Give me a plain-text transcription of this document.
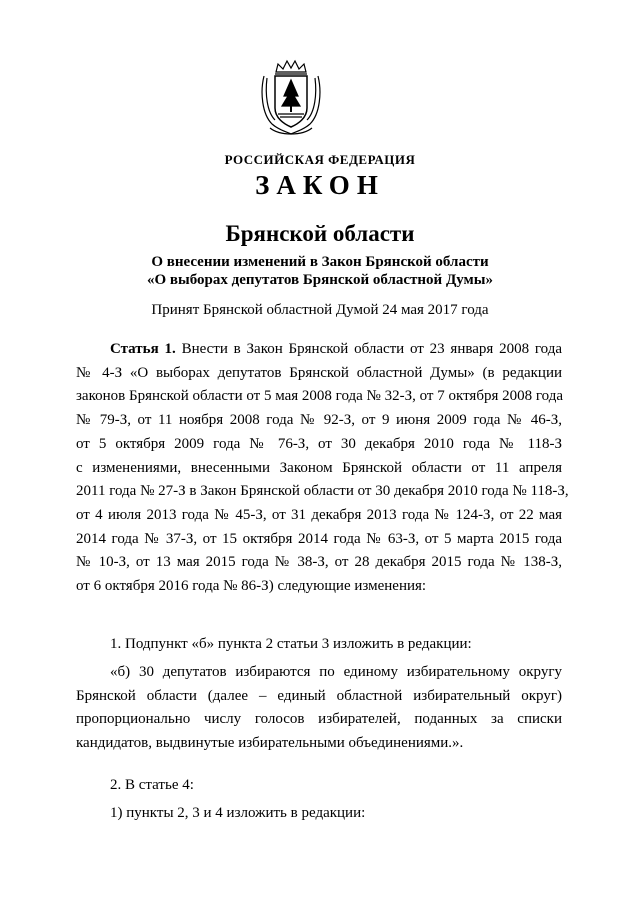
РОССИЙСКАЯ ФЕДЕРАЦИЯ
ЗАКОН
Брянской области
О внесении изменений в Закон Брянской области
«О выборах депутатов Брянской областной Думы»
Принят Брянской областной Думой 24 мая 2017 года
Статья 1. Внести в Закон Брянской области от 23 января 2008 года
№ 4-З «О выборах депутатов Брянской областной Думы» (в редакции
законов Брянской области от 5 мая 2008 года № 32-З, от 7 октября 2008 года
№ 79-З, от 11 ноября 2008 года № 92-З, от 9 июня 2009 года № 46-З,
от 5 октября 2009 года № 76-З, от 30 декабря 2010 года № 118-З
с изменениями, внесенными Законом Брянской области от 11 апреля
2011 года № 27-З в Закон Брянской области от 30 декабря 2010 года № 118-З,
от 4 июля 2013 года № 45-З, от 31 декабря 2013 года № 124-З, от 22 мая
2014 года № 37-З, от 15 октября 2014 года № 63-З, от 5 марта 2015 года
№ 10-З, от 13 мая 2015 года № 38-З, от 28 декабря 2015 года № 138-З,
от 6 октября 2016 года № 86-З) следующие изменения:
1. Подпункт «б» пункта 2 статьи 3 изложить в редакции:
«б) 30 депутатов избираются по единому избирательному округу
Брянской области (далее – единый областной избирательный округ)
пропорционально числу голосов избирателей, поданных за списки
кандидатов, выдвинутые избирательными объединениями.».
2. В статье 4:
1) пункты 2, 3 и 4 изложить в редакции:
